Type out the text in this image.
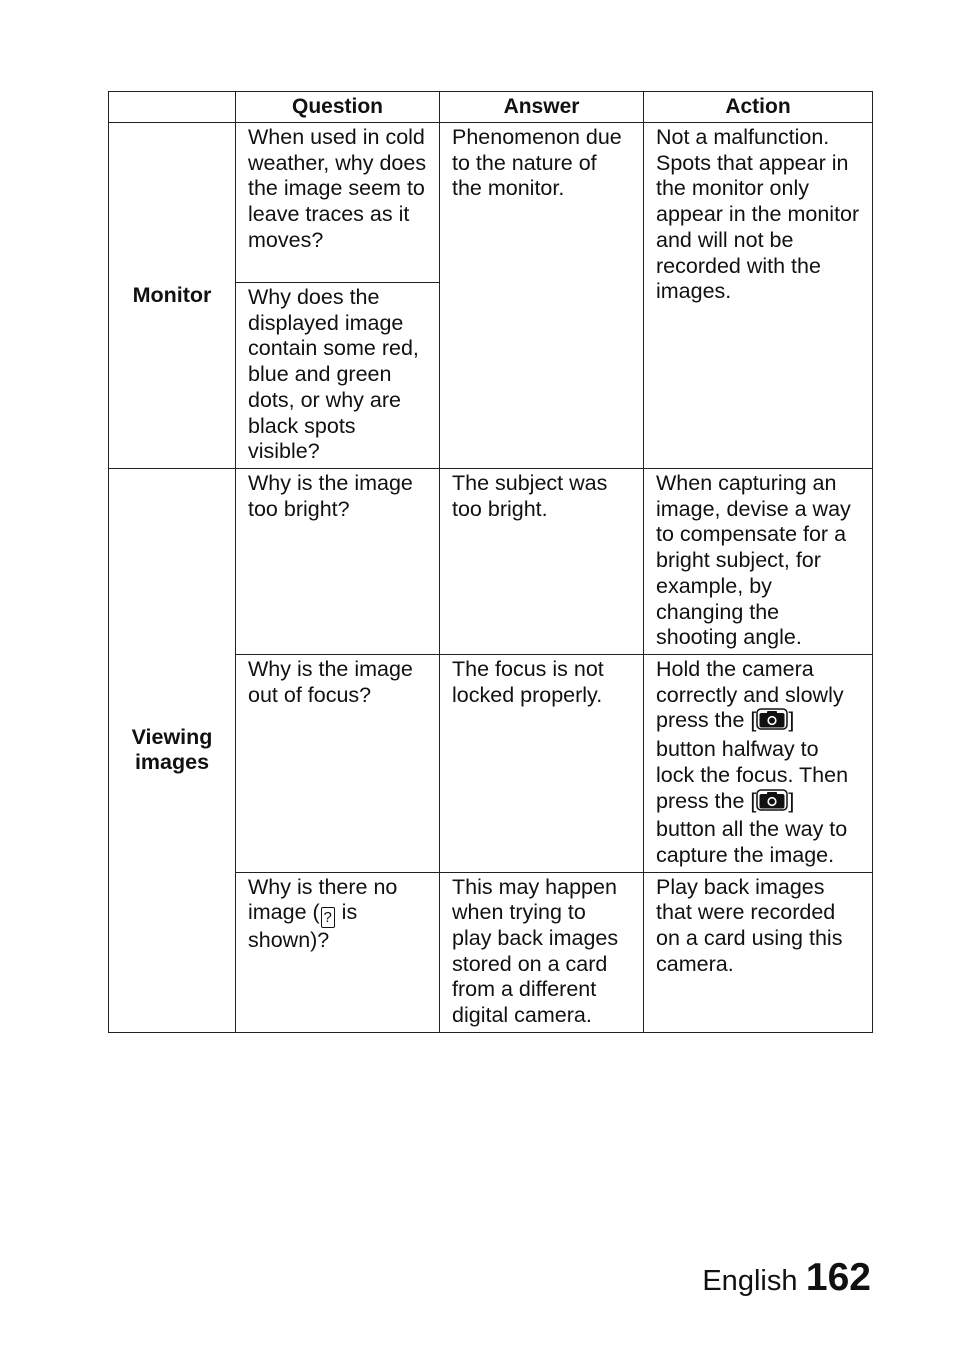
	Question	Answer	Action
Monitor	When used in cold weather, why does the image seem to leave traces as it moves?	Phenomenon due to the nature of the monitor.	Not a malfunction. Spots that appear in the monitor only appear in the monitor and will not be recorded with the images.
	Why does the displayed image contain some red, blue and green dots, or why are black spots visible?		
Viewing images	Why is the image too bright?	The subject was too bright.	When capturing an image, devise a way to compensate for a bright subject, for example, by changing the shooting angle.
	Why is the image out of focus?	The focus is not locked properly.	Hold the camera correctly and slowly press the [ ] button halfway to lock the focus. Then press the [ ] button all the way to capture the image.
	Why is there no image ( ? is shown)?	This may happen when trying to play back images stored on a card from a different digital camera.	Play back images that were recorded on a card using this camera.
English 162
